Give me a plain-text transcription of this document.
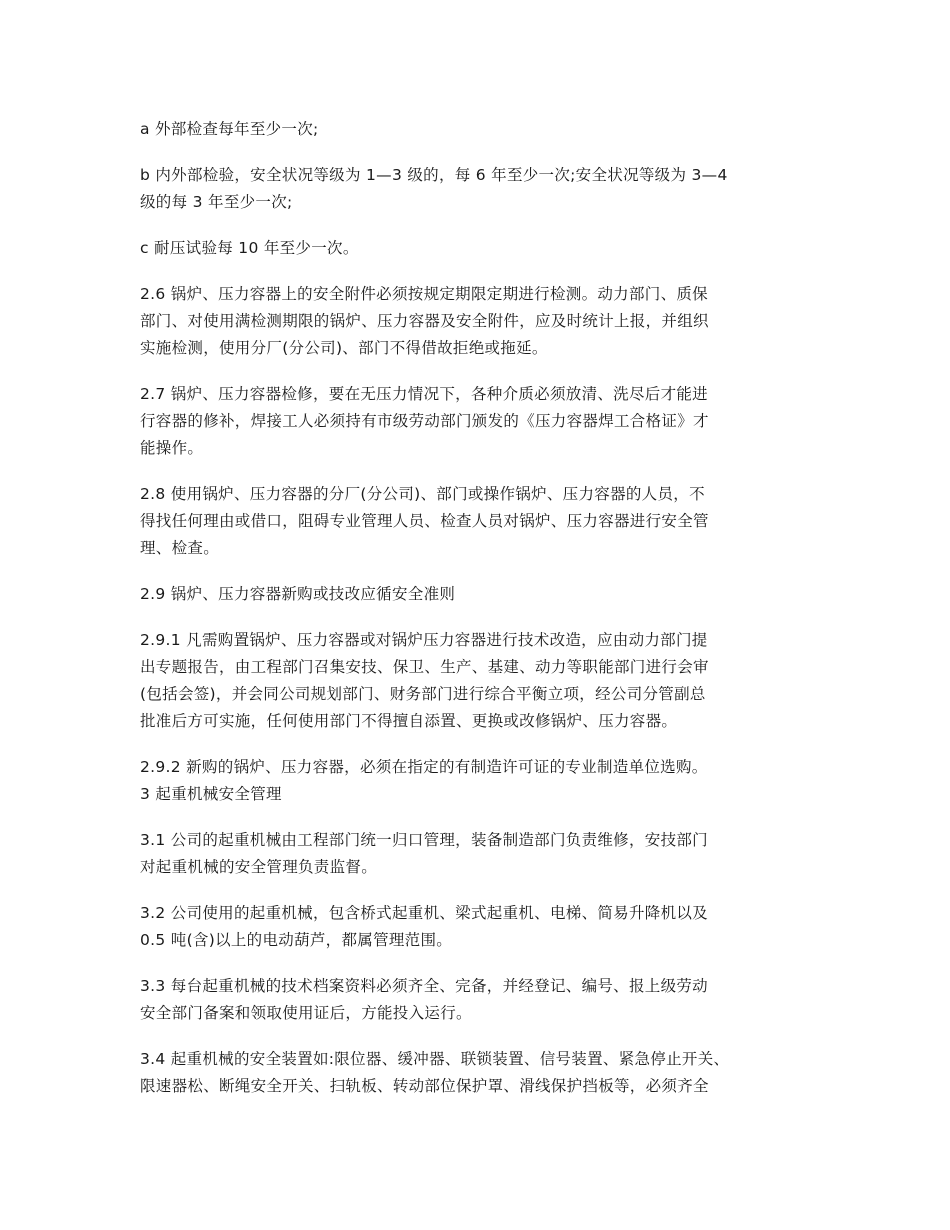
a 外部检查每年至少一次;

b 内外部检验，安全状况等级为 1—3 级的，每 6 年至少一次;安全状况等级为 3—4
级的每 3 年至少一次;

c 耐压试验每 10 年至少一次。

2.6 锅炉、压力容器上的安全附件必须按规定期限定期进行检测。动力部门、质保
部门、对使用满检测期限的锅炉、压力容器及安全附件，应及时统计上报，并组织
实施检测，使用分厂(分公司)、部门不得借故拒绝或拖延。

2.7 锅炉、压力容器检修，要在无压力情况下，各种介质必须放清、洗尽后才能进
行容器的修补，焊接工人必须持有市级劳动部门颁发的《压力容器焊工合格证》才
能操作。

2.8 使用锅炉、压力容器的分厂(分公司)、部门或操作锅炉、压力容器的人员，不
得找任何理由或借口，阻碍专业管理人员、检查人员对锅炉、压力容器进行安全管
理、检查。

2.9 锅炉、压力容器新购或技改应循安全准则

2.9.1 凡需购置锅炉、压力容器或对锅炉压力容器进行技术改造，应由动力部门提
出专题报告，由工程部门召集安技、保卫、生产、基建、动力等职能部门进行会审
(包括会签)，并会同公司规划部门、财务部门进行综合平衡立项，经公司分管副总
批准后方可实施，任何使用部门不得擅自添置、更换或改修锅炉、压力容器。

2.9.2 新购的锅炉、压力容器，必须在指定的有制造许可证的专业制造单位选购。
3 起重机械安全管理

3.1 公司的起重机械由工程部门统一归口管理，装备制造部门负责维修，安技部门
对起重机械的安全管理负责监督。

3.2 公司使用的起重机械，包含桥式起重机、梁式起重机、电梯、简易升降机以及
0.5 吨(含)以上的电动葫芦，都属管理范围。

3.3 每台起重机械的技术档案资料必须齐全、完备，并经登记、编号、报上级劳动
安全部门备案和领取使用证后，方能投入运行。

3.4 起重机械的安全装置如:限位器、缓冲器、联锁装置、信号装置、紧急停止开关、
限速器松、断绳安全开关、扫轨板、转动部位保护罩、滑线保护挡板等，必须齐全
